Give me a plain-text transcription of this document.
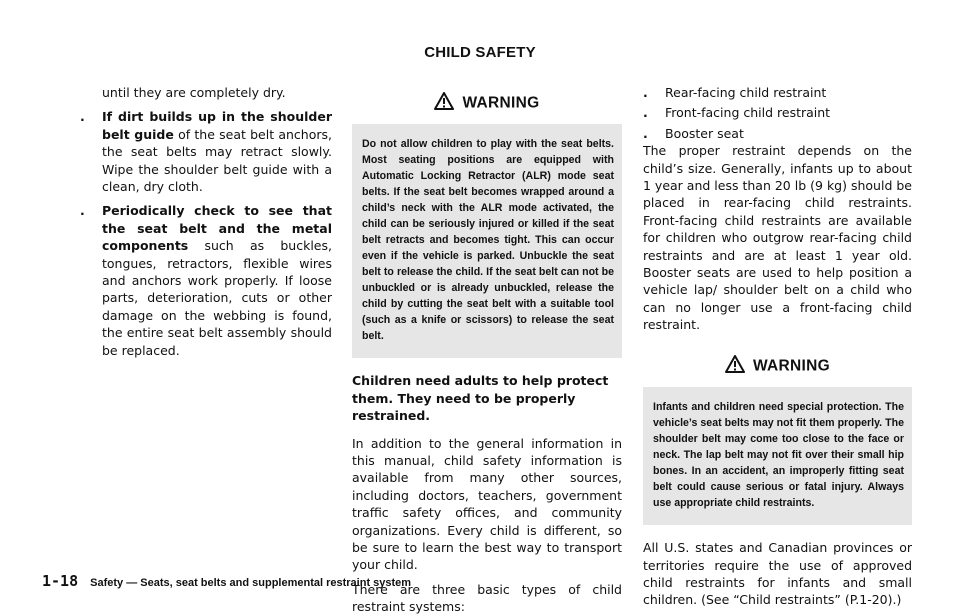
CHILD SAFETY

until they are completely dry.

. If dirt builds up in the shoulder belt guide of the seat belt anchors, the seat belts may retract slowly. Wipe the shoulder belt guide with a clean, dry cloth.
. Periodically check to see that the seat belt and the metal components such as buckles, tongues, retractors, flexible wires and anchors work properly. If loose parts, deterioration, cuts or other damage on the webbing is found, the entire seat belt assembly should be replaced.
WARNING
Do not allow children to play with the seat belts. Most seating positions are equipped with Automatic Locking Retractor (ALR) mode seat belts. If the seat belt becomes wrapped around a child’s neck with the ALR mode activated, the child can be seriously injured or killed if the seat belt retracts and becomes tight. This can occur even if the vehicle is parked. Unbuckle the seat belt to release the child. If the seat belt can not be unbuckled or is already unbuckled, release the child by cutting the seat belt with a suitable tool (such as a knife or scissors) to release the seat belt.

Children need adults to help protect them. They need to be properly restrained.

In addition to the general information in this manual, child safety information is available from many other sources, including doctors, teachers, government traffic safety offices, and community organizations. Every child is different, so be sure to learn the best way to transport your child.

There are three basic types of child restraint systems:

. Rear-facing child restraint
. Front-facing child restraint
. Booster seat

The proper restraint depends on the child’s size. Generally, infants up to about 1 year and less than 20 lb (9 kg) should be placed in rear-facing child restraints. Front-facing child restraints are available for children who outgrow rear-facing child restraints and are at least 1 year old. Booster seats are used to help position a vehicle lap/ shoulder belt on a child who can no longer use a front-facing child restraint.

WARNING
Infants and children need special protection. The vehicle’s seat belts may not fit them properly. The shoulder belt may come too close to the face or neck. The lap belt may not fit over their small hip bones. In an accident, an improperly fitting seat belt could cause serious or fatal injury. Always use appropriate child restraints.

All U.S. states and Canadian provinces or territories require the use of approved child restraints for infants and small children. (See “Child restraints” (P.1-20).)

1-18 Safety — Seats, seat belts and supplemental restraint system
